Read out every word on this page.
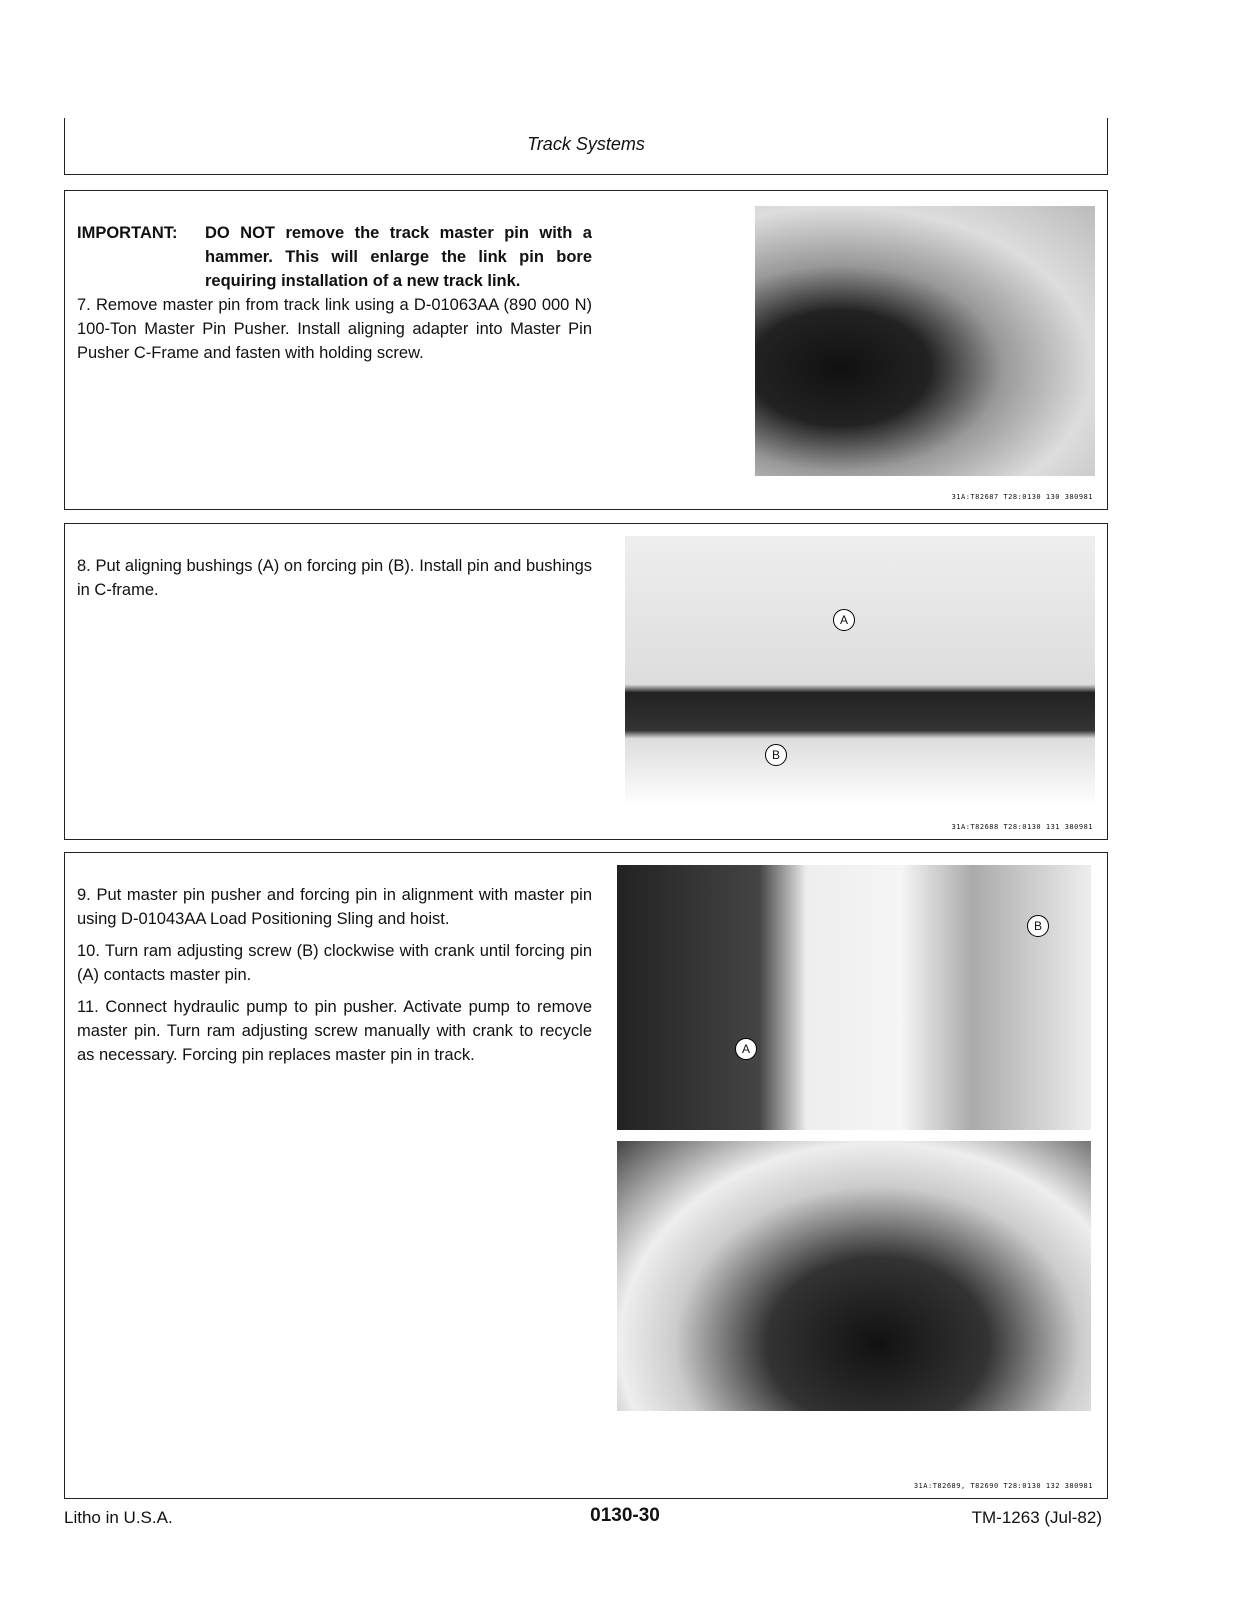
Track Systems
IMPORTANT:	DO NOT remove the track master pin with a hammer. This will enlarge the link pin bore requiring installation of a new track link.
7. Remove master pin from track link using a D-01063AA (890 000 N) 100-Ton Master Pin Pusher. Install aligning adapter into Master Pin Pusher C-Frame and fasten with holding screw.
31A:T82687 T28:0130 130 380981
8. Put aligning bushings (A) on forcing pin (B). Install pin and bushings in C-frame.
A
B
31A:T82688 T28:0130 131 380981

9. Put master pin pusher and forcing pin in alignment with master pin using D-01043AA Load Positioning Sling and hoist.

10. Turn ram adjusting screw (B) clockwise with crank until forcing pin (A) contacts master pin.

11. Connect hydraulic pump to pin pusher. Activate pump to remove master pin. Turn ram adjusting screw manually with crank to recycle as necessary. Forcing pin replaces master pin in track.	A
B
31A:T82689, T82690 T28:0130 132 380981
Litho in U.S.A.	0130-30	TM-1263 (Jul-82)
